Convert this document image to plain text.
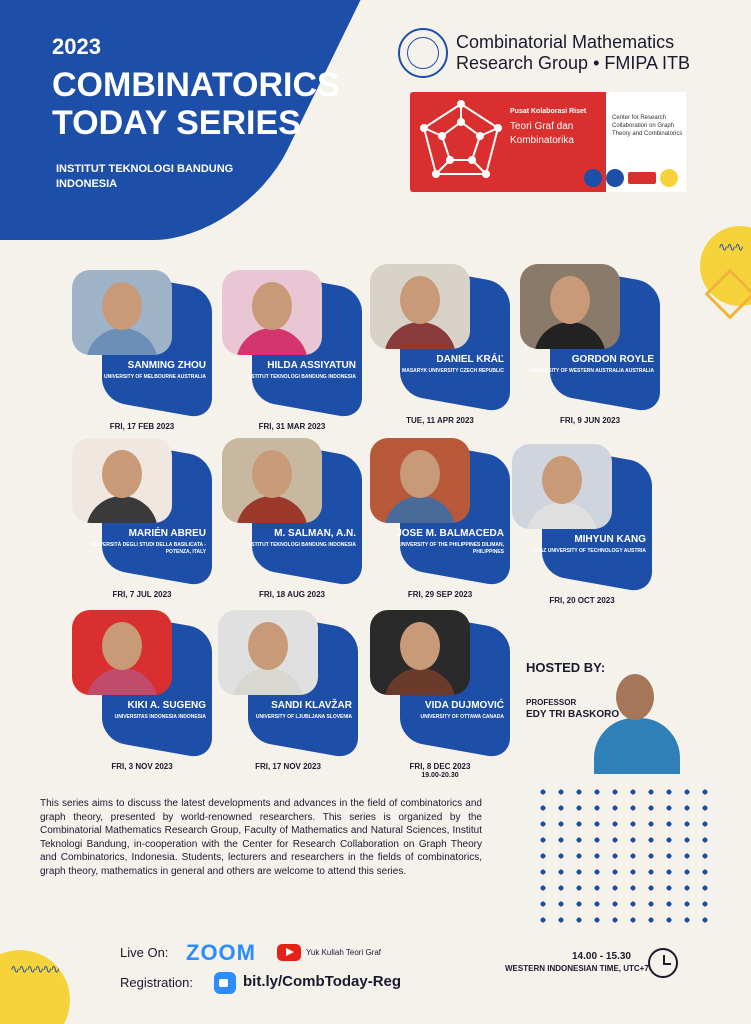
2023
COMBINATORICS TODAY SERIES
INSTITUT TEKNOLOGI BANDUNG INDONESIA
Combinatorial Mathematics Research Group • FMIPA ITB
Pusat Kolaborasi Riset
Teori Graf dan Kombinatorika
Center for Research Collaboration on Graph Theory and Combinatorics
∿∿∿
SANMING ZHOU
UNIVERSITY OF MELBOURNE AUSTRALIA
FRI, 17 FEB 2023
HILDA ASSIYATUN
INSTITUT TEKNOLOGI BANDUNG INDONESIA
FRI, 31 MAR 2023
DANIEL KRÁĽ
MASARYK UNIVERSITY CZECH REPUBLIC
TUE, 11 APR 2023
GORDON ROYLE
UNIVERSITY OF WESTERN AUSTRALIA AUSTRALIA
FRI, 9 JUN 2023
MARIÉN ABREU
UNIVERSITÀ DEGLI STUDI DELLA BASILICATA - POTENZA, ITALY
FRI, 7 JUL 2023
M. SALMAN, A.N.
INSTITUT TEKNOLOGI BANDUNG INDONESIA
FRI, 18 AUG 2023
JOSE M. BALMACEDA
UNIVERSITY OF THE PHILIPPINES DILIMAN, PHILIPPINES
FRI, 29 SEP 2023
MIHYUN KANG
GRAZ UNIVERSITY OF TECHNOLOGY AUSTRIA
FRI, 20 OCT 2023
KIKI A. SUGENG
UNIVERSITAS INDONESIA INDONESIA
FRI, 3 NOV 2023
SANDI KLAVŽAR
UNIVERSITY OF LJUBLJANA SLOVENIA
FRI, 17 NOV 2023
VIDA DUJMOVIĆ
UNIVERSITY OF OTTAWA CANADA
FRI, 8 DEC 2023
19.00-20.30
HOSTED BY:
PROFESSOR
EDY TRI BASKORO
This series aims to discuss the latest developments and advances in the field of combinatorics and graph theory, presented by world-renowned researchers. This series is organized by the Combinatorial Mathematics Research Group, Faculty of Mathematics and Natural Sciences, Institut Teknologi Bandung, in-cooperation with the Center for Research Collaboration on Graph Theory and Combinatorics, Indonesia. Students, lecturers and researchers in the fields of combinatorics, graph theory, mathematics in general and others are welcome to attend this series.
∿∿∿∿∿∿
Live On: ZOOM	Yuk Kuliah Teori Graf
Registration:	bit.ly/CombToday-Reg
14.00 - 15.30
WESTERN INDONESIAN TIME, UTC+7
